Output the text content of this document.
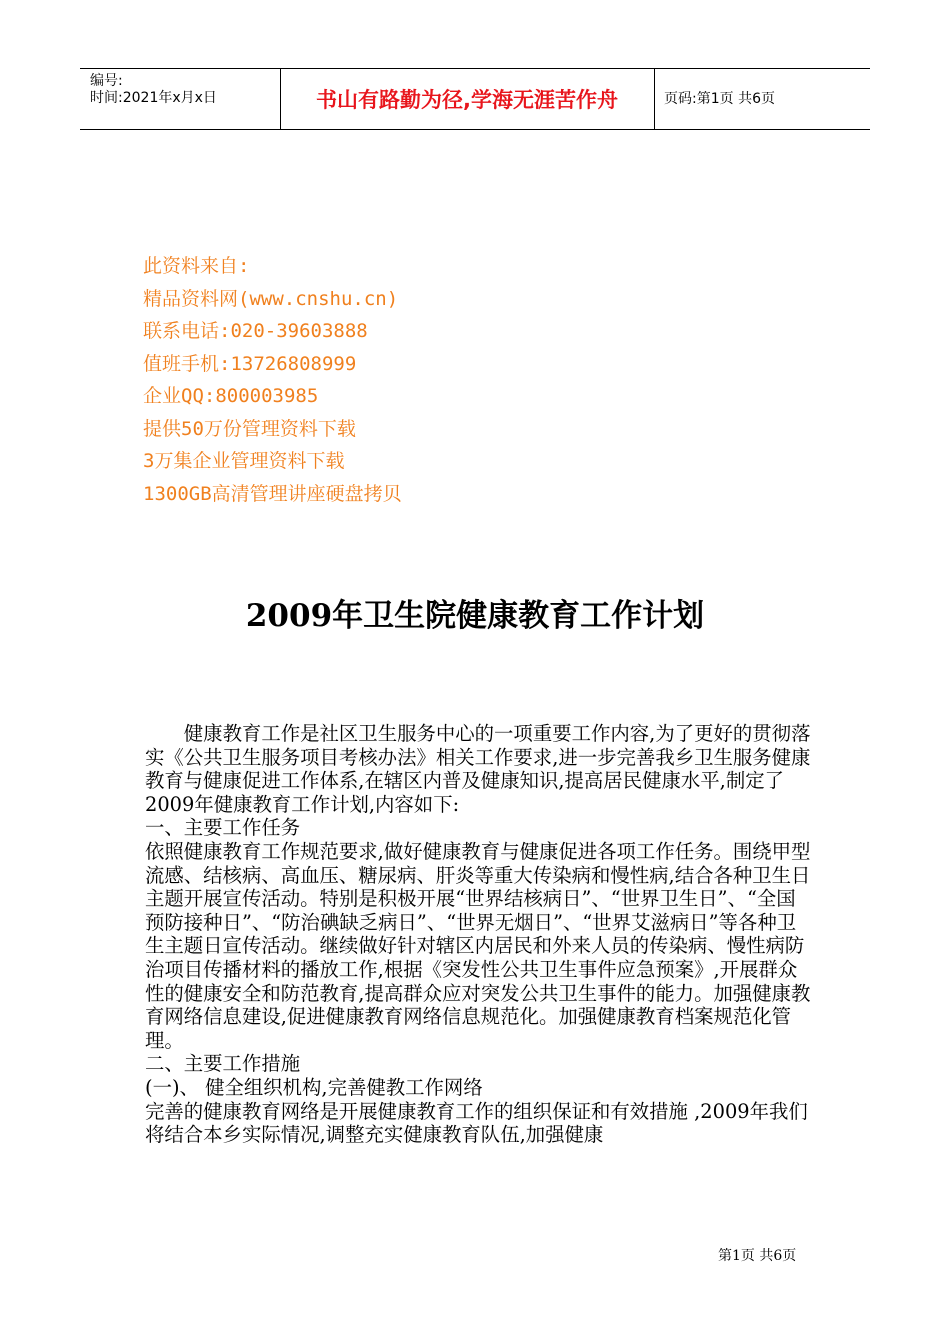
编号:
时间:2021年x月x日	书山有路勤为径,学海无涯苦作舟	页码:第1页 共6页
此资料来自:
精品资料网(www.cnshu.cn)
联系电话:020-39603888
值班手机:13726808999
企业QQ:800003985
提供50万份管理资料下载
3万集企业管理资料下载
1300GB高清管理讲座硬盘拷贝
2009年卫生院健康教育工作计划

健康教育工作是社区卫生服务中心的一项重要工作内容,为了更好的贯彻落实《公共卫生服务项目考核办法》相关工作要求,进一步完善我乡卫生服务健康教育与健康促进工作体系,在辖区内普及健康知识,提高居民健康水平,制定了2009年健康教育工作计划,内容如下:

一、主要工作任务

依照健康教育工作规范要求,做好健康教育与健康促进各项工作任务。围绕甲型流感、结核病、高血压、糖尿病、肝炎等重大传染病和慢性病,结合各种卫生日主题开展宣传活动。特别是积极开展“世界结核病日”、“世界卫生日”、“全国预防接种日”、“防治碘缺乏病日”、“世界无烟日”、“世界艾滋病日”等各种卫生主题日宣传活动。继续做好针对辖区内居民和外来人员的传染病、慢性病防治项目传播材料的播放工作,根据《突发性公共卫生事件应急预案》,开展群众性的健康安全和防范教育,提高群众应对突发公共卫生事件的能力。加强健康教育网络信息建设,促进健康教育网络信息规范化。加强健康教育档案规范化管理。

二、主要工作措施

(一)、 健全组织机构,完善健教工作网络

完善的健康教育网络是开展健康教育工作的组织保证和有效措施 ,2009年我们将结合本乡实际情况,调整充实健康教育队伍,加强健康

第1页 共6页
